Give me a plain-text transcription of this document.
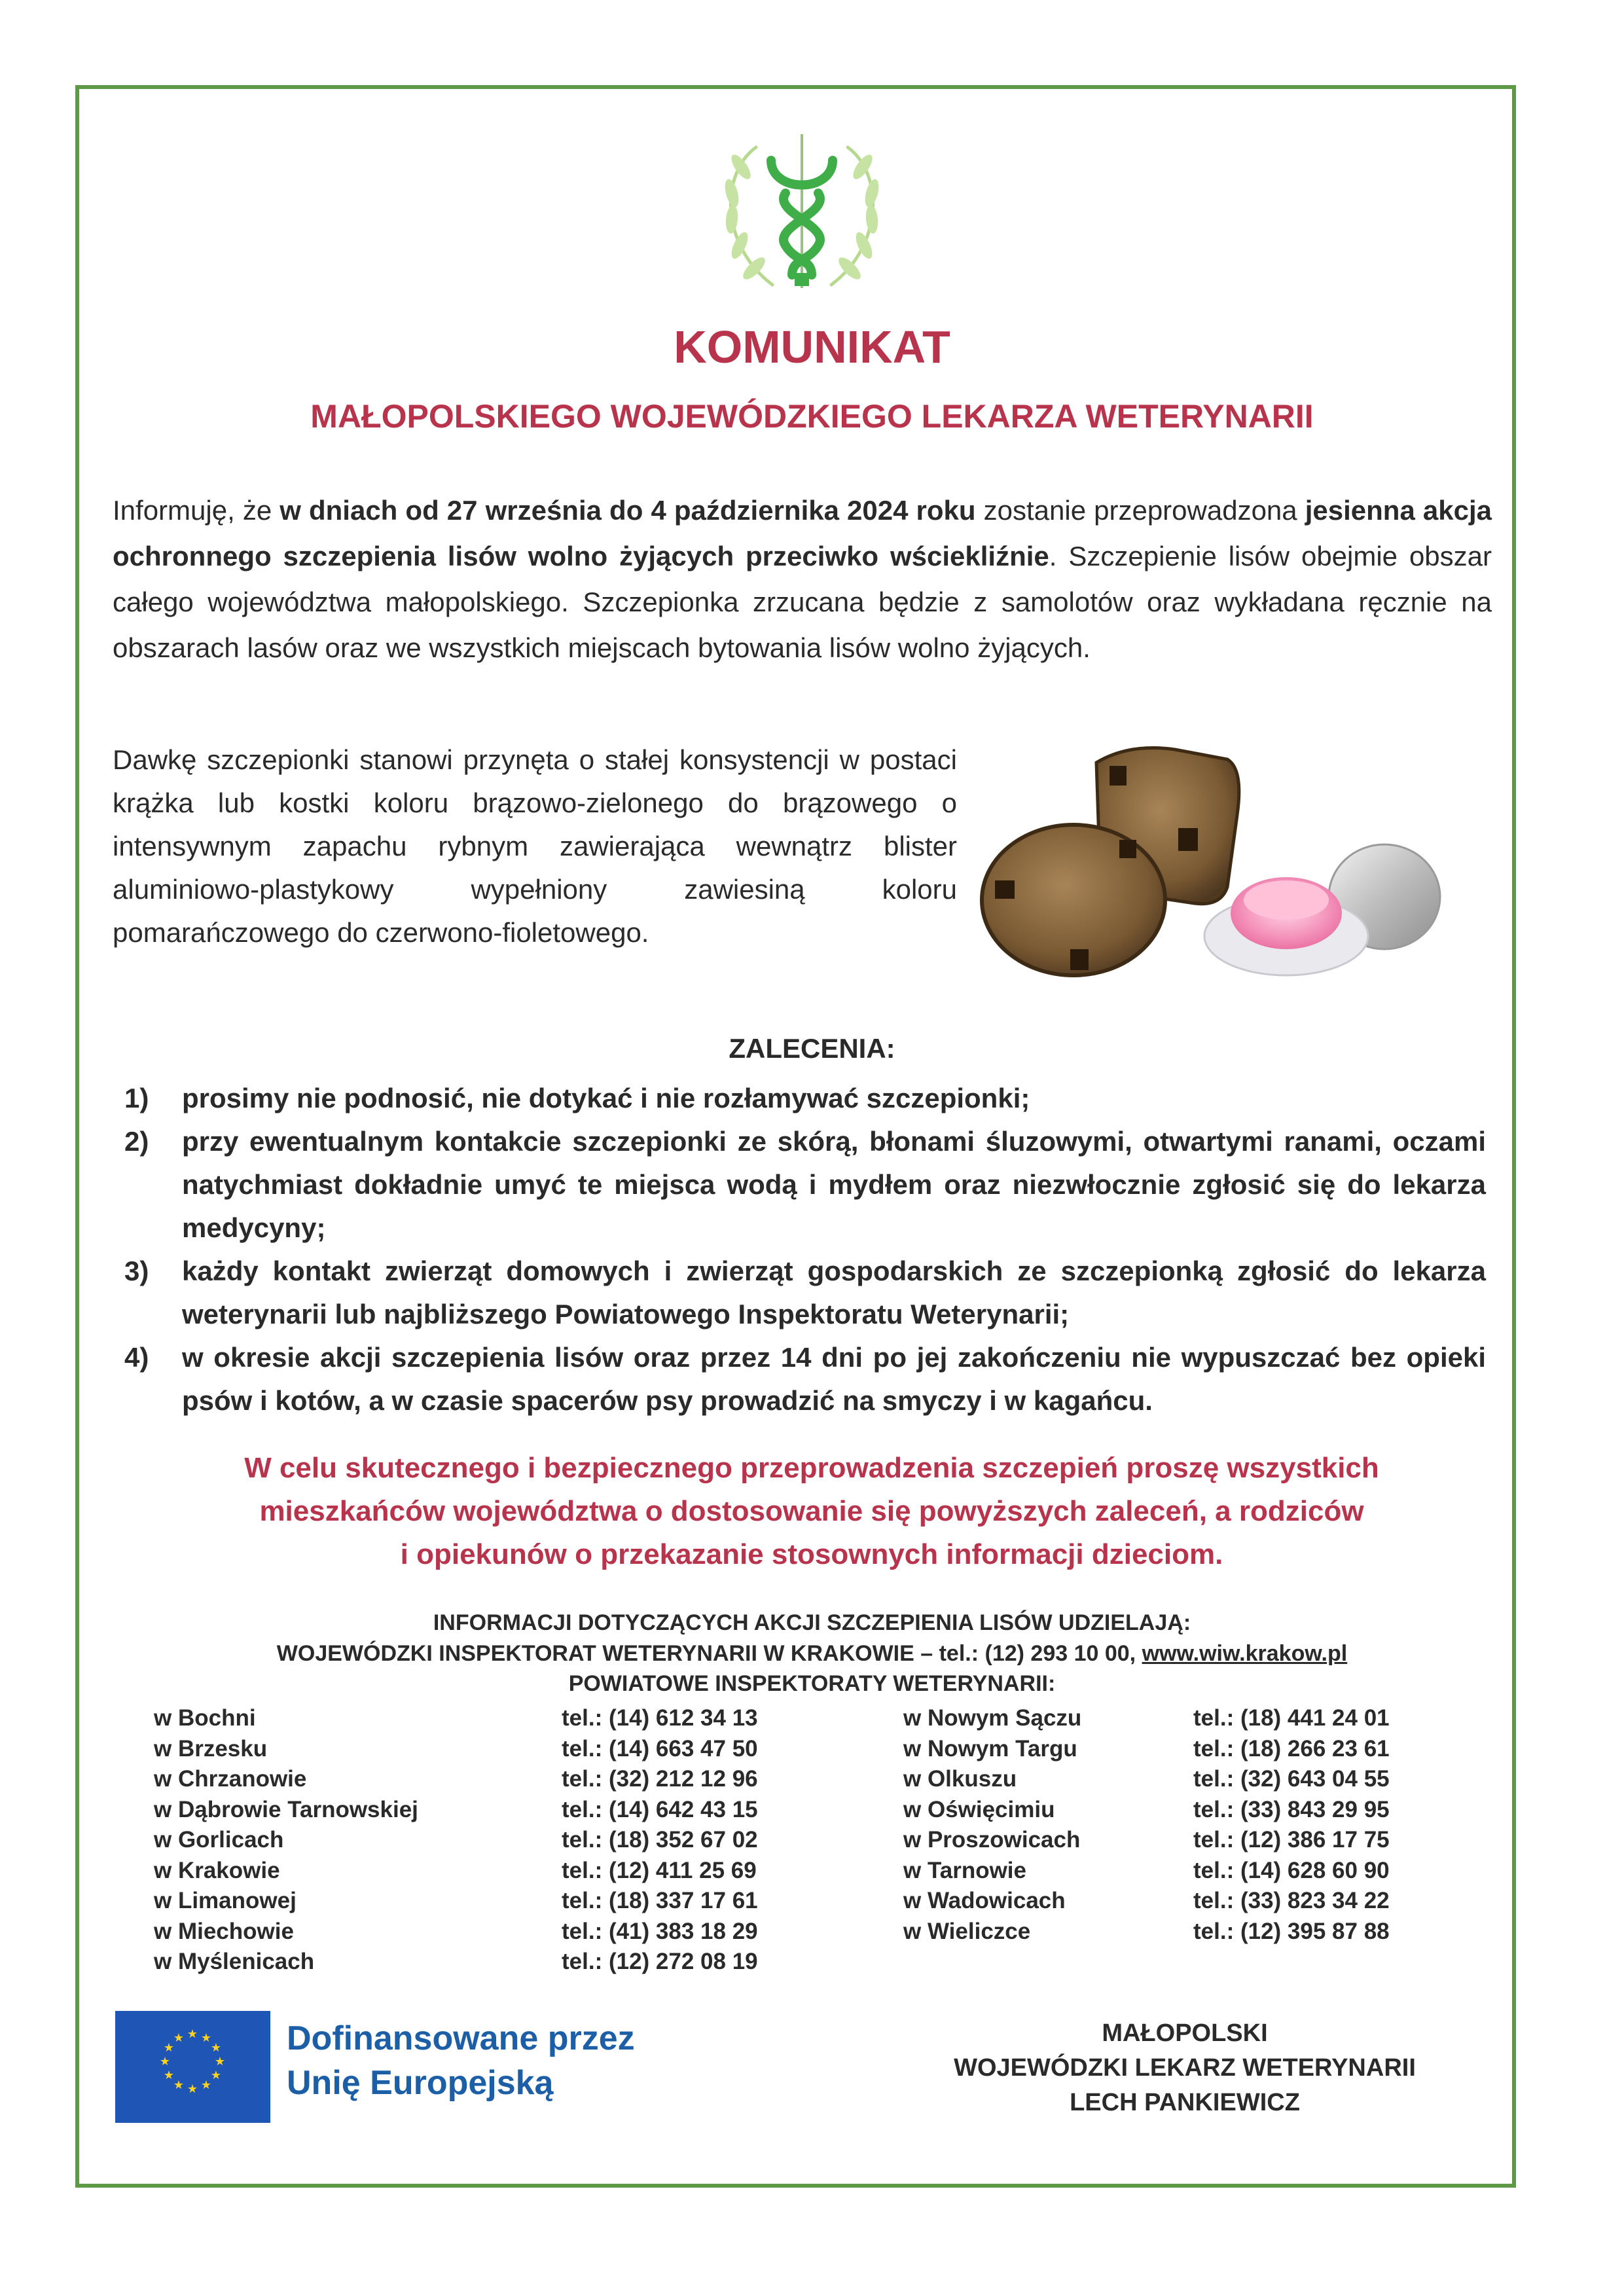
KOMUNIKAT
MAŁOPOLSKIEGO WOJEWÓDZKIEGO LEKARZA WETERYNARII
Informuję, że w dniach od 27 września do 4 października 2024 roku zostanie przeprowadzona jesienna akcja ochronnego szczepienia lisów wolno żyjących przeciwko wściekliźnie. Szczepienie lisów obejmie obszar całego województwa małopolskiego. Szczepionka zrzucana będzie z samolotów oraz wykładana ręcznie na obszarach lasów oraz we wszystkich miejscach bytowania lisów wolno żyjących.
Dawkę szczepionki stanowi przynęta o stałej konsystencji w postaci krążka lub kostki koloru brązowo-zielonego do brązowego o intensywnym zapachu rybnym zawierająca wewnątrz blister aluminiowo-plastykowy wypełniony zawiesiną koloru pomarańczowego do czerwono-fioletowego.
ZALECENIA:
1) prosimy nie podnosić, nie dotykać i nie rozłamywać szczepionki;
2) przy ewentualnym kontakcie szczepionki ze skórą, błonami śluzowymi, otwartymi ranami, oczami natychmiast dokładnie umyć te miejsca wodą i mydłem oraz niezwłocznie zgłosić się do lekarza medycyny;
3) każdy kontakt zwierząt domowych i zwierząt gospodarskich ze szczepionką zgłosić do lekarza weterynarii lub najbliższego Powiatowego Inspektoratu Weterynarii;
4) w okresie akcji szczepienia lisów oraz przez 14 dni po jej zakończeniu nie wypuszczać bez opieki psów i kotów, a w czasie spacerów psy prowadzić na smyczy i w kagańcu.
W celu skutecznego i bezpiecznego przeprowadzenia szczepień proszę wszystkich
mieszkańców województwa o dostosowanie się powyższych zaleceń, a rodziców
i opiekunów o przekazanie stosownych informacji dzieciom.
INFORMACJI DOTYCZĄCYCH AKCJI SZCZEPIENIA LISÓW UDZIELAJĄ:
WOJEWÓDZKI INSPEKTORAT WETERYNARII W KRAKOWIE – tel.: (12) 293 10 00, www.wiw.krakow.pl
POWIATOWE INSPEKTORATY WETERYNARII:
w Bochni
w Brzesku
w Chrzanowie
w Dąbrowie Tarnowskiej
w Gorlicach
w Krakowie
w Limanowej
w Miechowie
w Myślenicach
tel.: (14) 612 34 13
tel.: (14) 663 47 50
tel.: (32) 212 12 96
tel.: (14) 642 43 15
tel.: (18) 352 67 02
tel.: (12) 411 25 69
tel.: (18) 337 17 61
tel.: (41) 383 18 29
tel.: (12) 272 08 19
w Nowym Sączu
w Nowym Targu
w Olkuszu
w Oświęcimiu
w Proszowicach
w Tarnowie
w Wadowicach
w Wieliczce
tel.: (18) 441 24 01
tel.: (18) 266 23 61
tel.: (32) 643 04 55
tel.: (33) 843 29 95
tel.: (12) 386 17 75
tel.: (14) 628 60 90
tel.: (33) 823 34 22
tel.: (12) 395 87 88
★ ★
★
★
★
★
★
★
★
★
★
★	Dofinansowane przez
Unię Europejską
MAŁOPOLSKI
WOJEWÓDZKI LEKARZ WETERYNARII
LECH PANKIEWICZ
